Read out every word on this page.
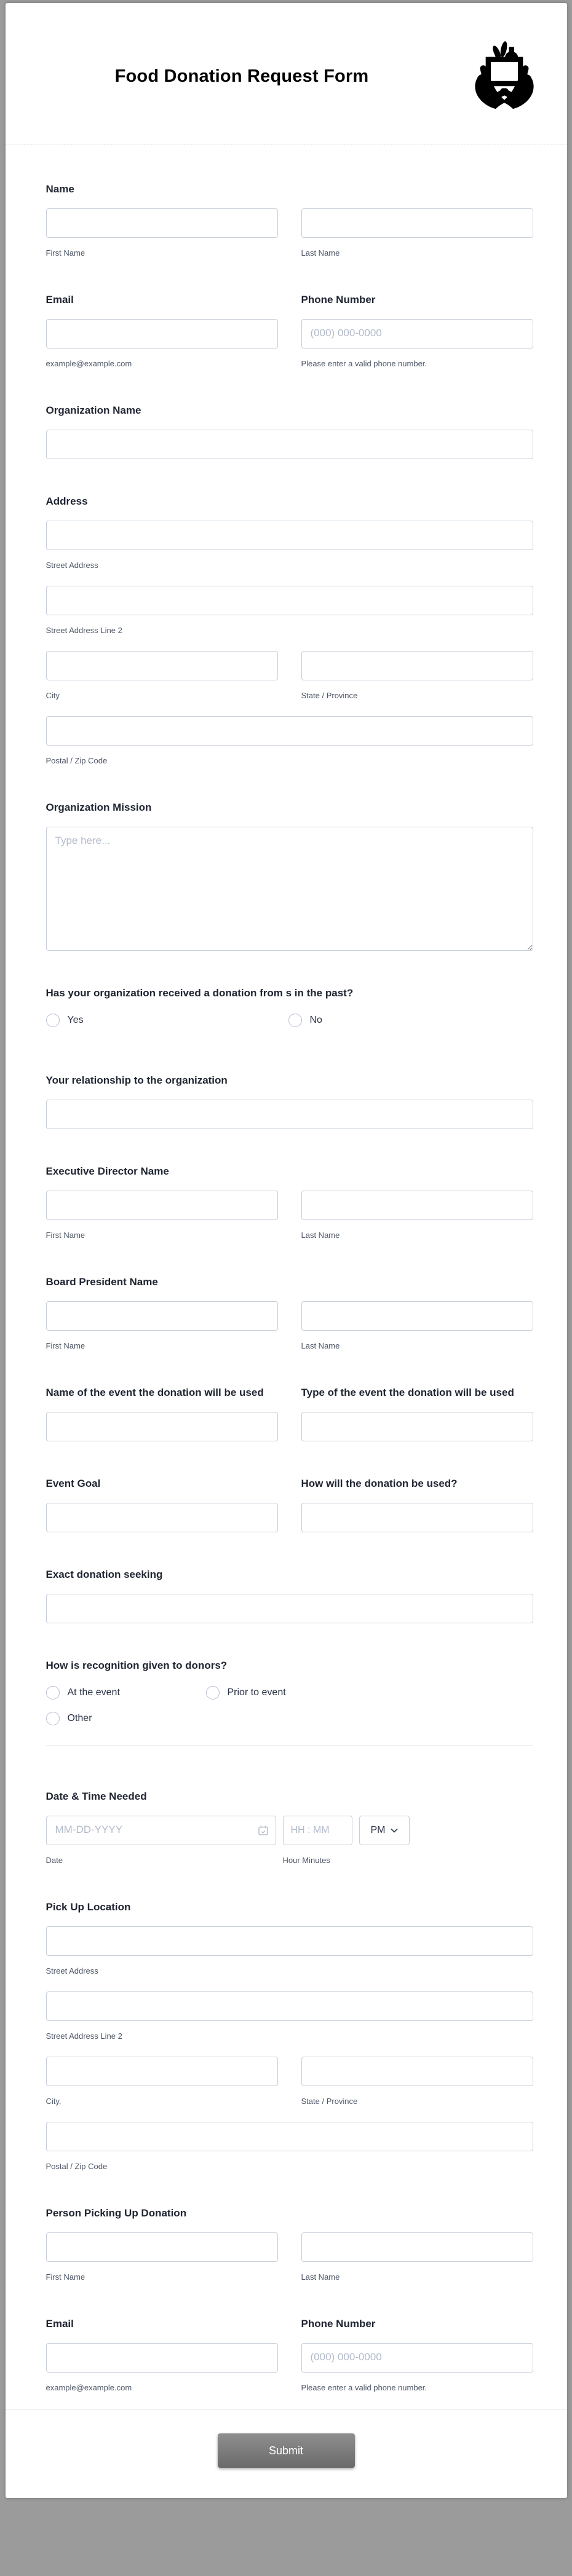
Food Donation Request Form
Name
First Name	Last Name
Email
example@example.com
Phone Number
(000) 000-0000
Please enter a valid phone number.
Organization Name
Address
Street Address
Street Address Line 2
City	State / Province
Postal / Zip Code
Organization Mission
Type here...
Has your organization received a donation from s in the past?
Yes	No
Your relationship to the organization
Executive Director Name
First Name	Last Name
Board President Name
First Name	Last Name
Name of the event the donation will be used	Type of the event the donation will be used
Event Goal	How will the donation be used?
Exact donation seeking
How is recognition given to donors?
At the event	Prior to event
Other
Date & Time Needed
MM-DD-YYYY
HH : MM
PM
Date	Hour Minutes
Pick Up Location
Street Address
Street Address Line 2
City.	State / Province
Postal / Zip Code
Person Picking Up Donation
First Name	Last Name
Email
example@example.com
Phone Number
(000) 000-0000
Please enter a valid phone number.
Submit
